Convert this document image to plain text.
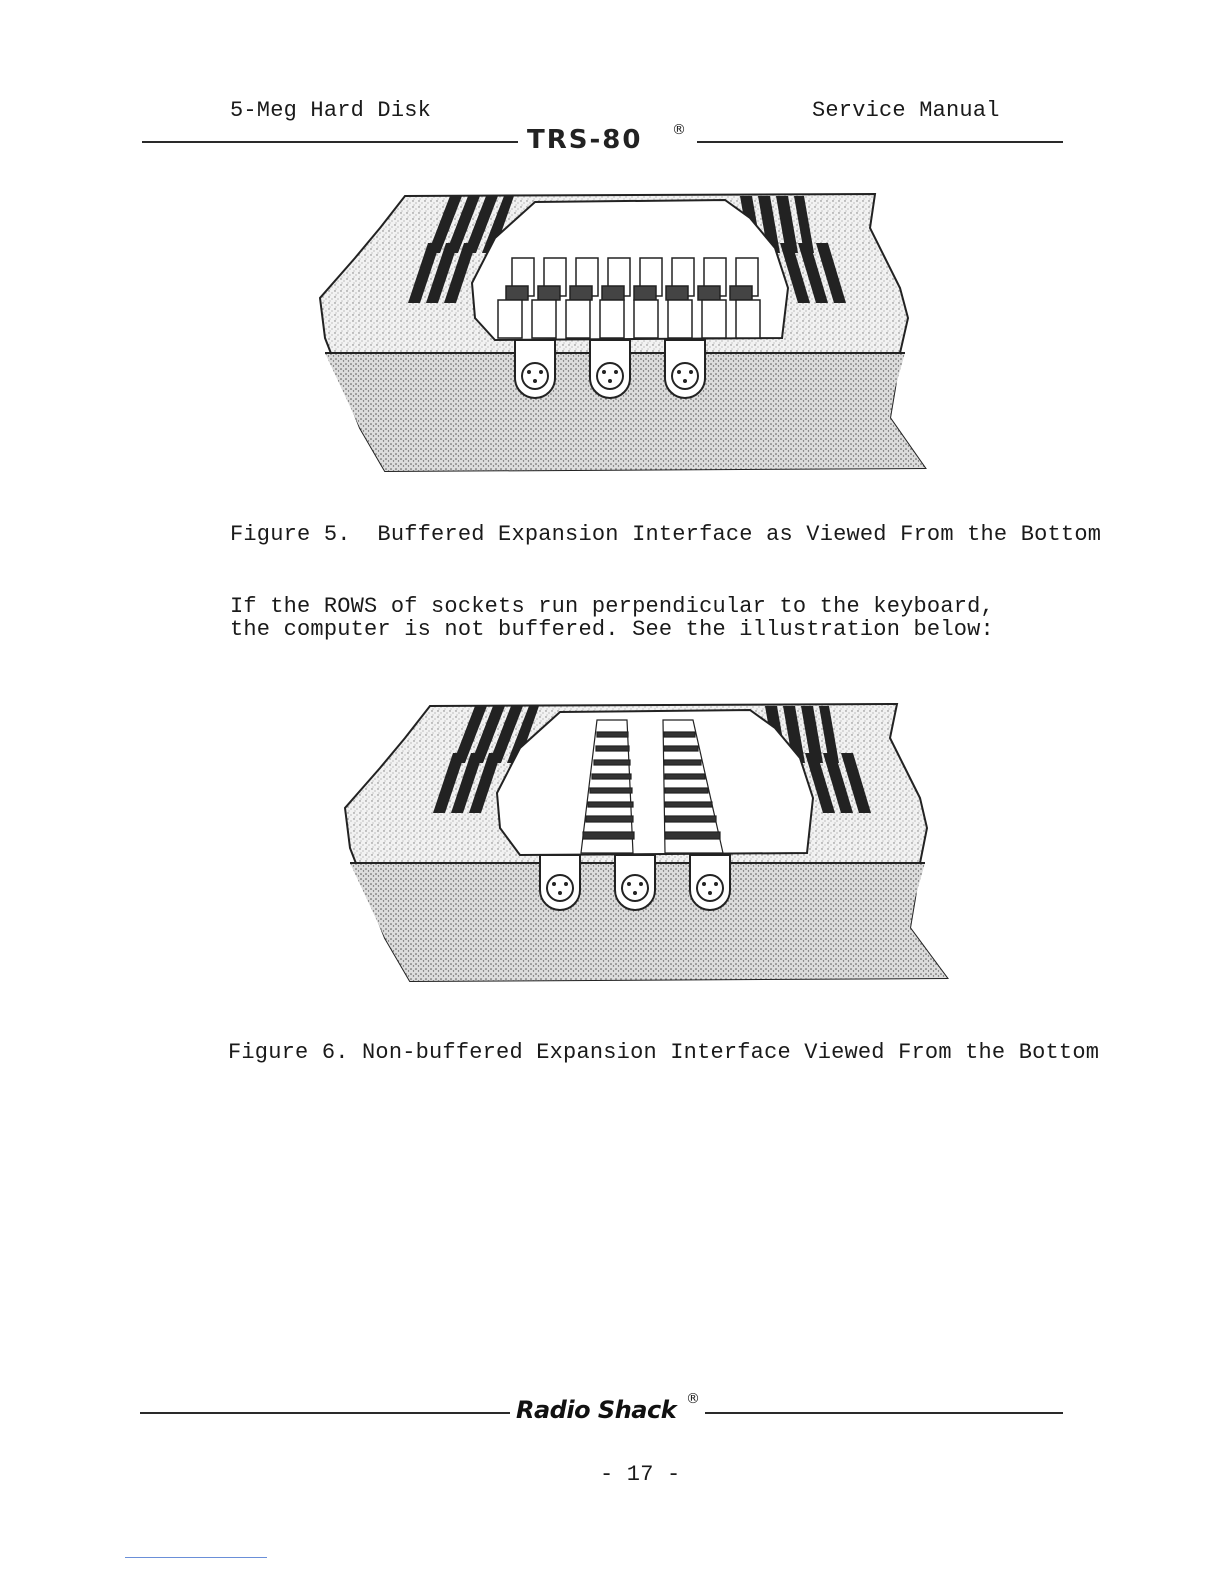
5-Meg Hard Disk	Service Manual
TRS-80 ®
Figure 5.  Buffered Expansion Interface as Viewed From the Bottom
If the ROWS of sockets run perpendicular to the keyboard,
the computer is not buffered. See the illustration below:
Figure 6. Non-buffered Expansion Interface Viewed From the Bottom
Radio Shack ®
- 17 -
